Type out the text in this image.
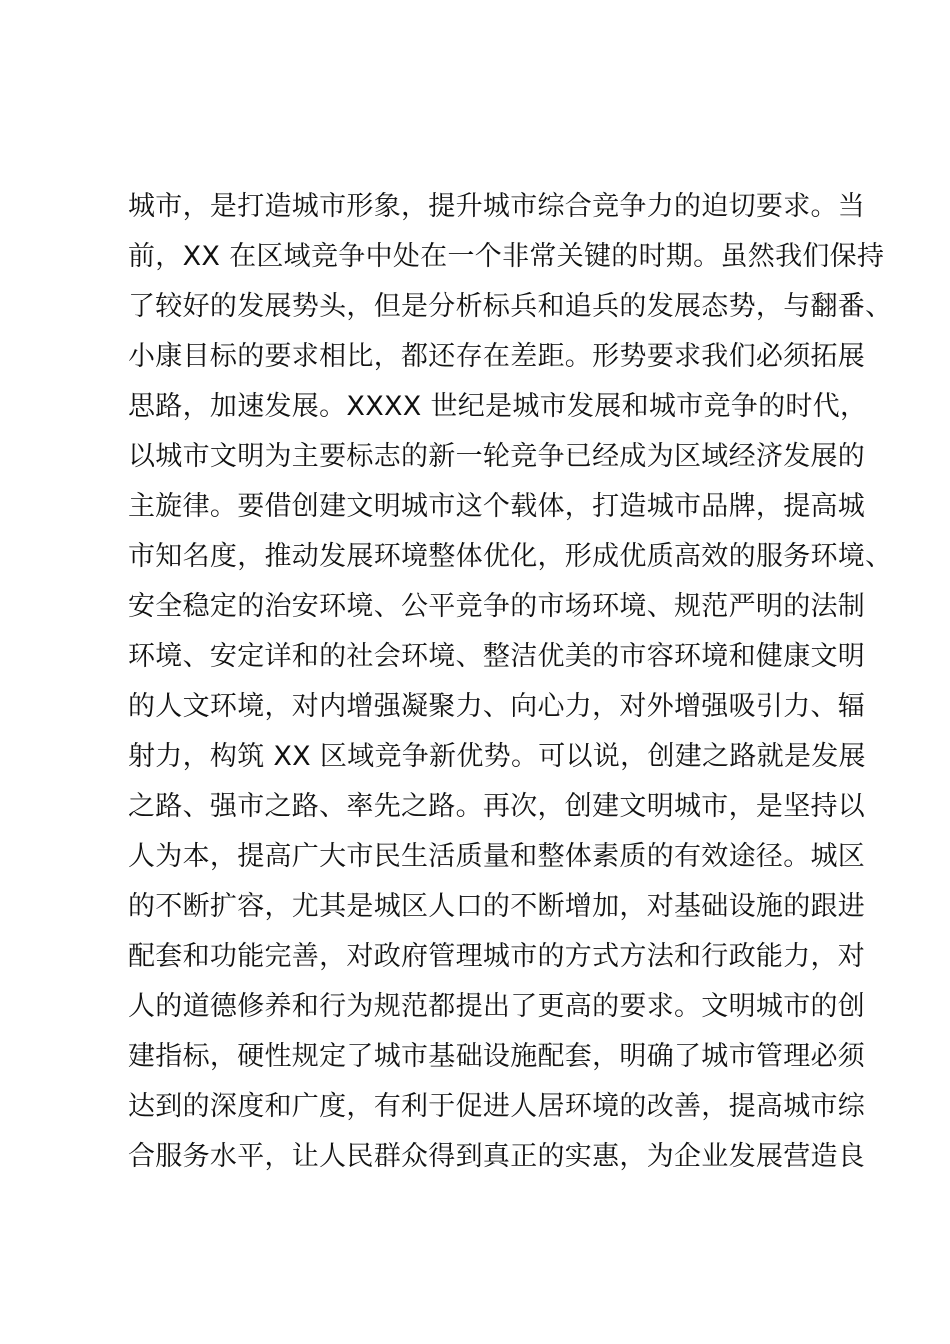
城市，是打造城市形象，提升城市综合竞争力的迫切要求。当
前，XX 在区域竞争中处在一个非常关键的时期。虽然我们保持
了较好的发展势头，但是分析标兵和追兵的发展态势，与翻番、
小康目标的要求相比，都还存在差距。形势要求我们必须拓展
思路，加速发展。XXXX 世纪是城市发展和城市竞争的时代，
以城市文明为主要标志的新一轮竞争已经成为区域经济发展的
主旋律。要借创建文明城市这个载体，打造城市品牌，提高城
市知名度，推动发展环境整体优化，形成优质高效的服务环境、
安全稳定的治安环境、公平竞争的市场环境、规范严明的法制
环境、安定详和的社会环境、整洁优美的市容环境和健康文明
的人文环境，对内增强凝聚力、向心力，对外增强吸引力、辐
射力，构筑 XX 区域竞争新优势。可以说，创建之路就是发展
之路、强市之路、率先之路。再次，创建文明城市，是坚持以
人为本，提高广大市民生活质量和整体素质的有效途径。城区
的不断扩容，尤其是城区人口的不断增加，对基础设施的跟进
配套和功能完善，对政府管理城市的方式方法和行政能力，对
人的道德修养和行为规范都提出了更高的要求。文明城市的创
建指标，硬性规定了城市基础设施配套，明确了城市管理必须
达到的深度和广度，有利于促进人居环境的改善，提高城市综
合服务水平，让人民群众得到真正的实惠，为企业发展营造良
